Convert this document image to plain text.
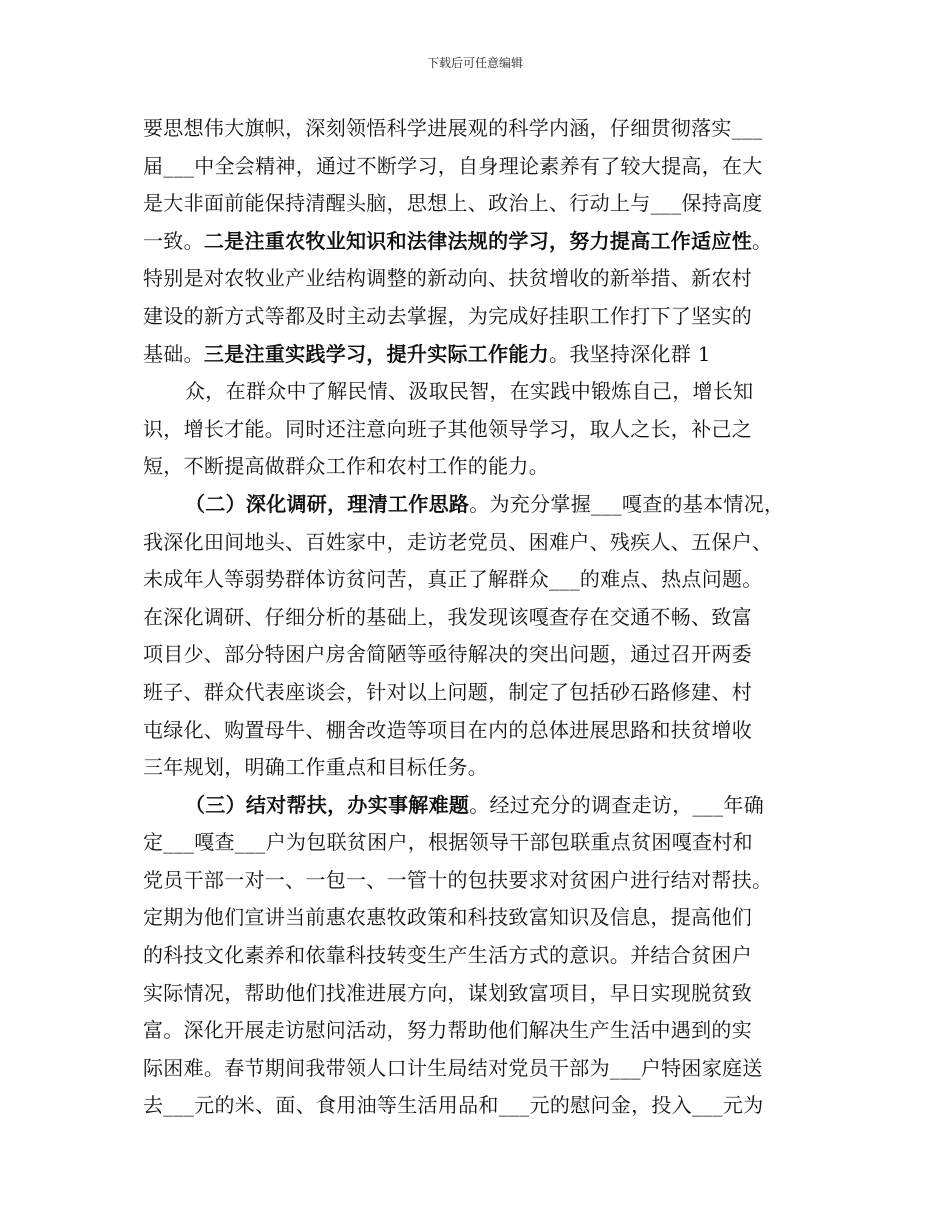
下载后可任意编辑
要思想伟大旗帜，深刻领悟科学进展观的科学内涵，仔细贯彻落实___
届___中全会精神，通过不断学习，自身理论素养有了较大提高，在大
是大非面前能保持清醒头脑，思想上、政治上、行动上与___保持高度
一致。二是注重农牧业知识和法律法规的学习，努力提高工作适应性。
特别是对农牧业产业结构调整的新动向、扶贫增收的新举措、新农村
建设的新方式等都及时主动去掌握，为完成好挂职工作打下了坚实的
基础。三是注重实践学习，提升实际工作能力。我坚持深化群 1
众，在群众中了解民情、汲取民智，在实践中锻炼自己，增长知
识，增长才能。同时还注意向班子其他领导学习，取人之长，补己之
短，不断提高做群众工作和农村工作的能力。
（二）深化调研，理清工作思路。为充分掌握___嘎查的基本情况，
我深化田间地头、百姓家中，走访老党员、困难户、残疾人、五保户、
未成年人等弱势群体访贫问苦，真正了解群众___的难点、热点问题。
在深化调研、仔细分析的基础上，我发现该嘎查存在交通不畅、致富
项目少、部分特困户房舍简陋等亟待解决的突出问题，通过召开两委
班子、群众代表座谈会，针对以上问题，制定了包括砂石路修建、村
屯绿化、购置母牛、棚舍改造等项目在内的总体进展思路和扶贫增收
三年规划，明确工作重点和目标任务。
（三）结对帮扶，办实事解难题。经过充分的调查走访，___年确
定___嘎查___户为包联贫困户，根据领导干部包联重点贫困嘎查村和
党员干部一对一、一包一、一管十的包扶要求对贫困户进行结对帮扶。
定期为他们宣讲当前惠农惠牧政策和科技致富知识及信息，提高他们
的科技文化素养和依靠科技转变生产生活方式的意识。并结合贫困户
实际情况，帮助他们找准进展方向，谋划致富项目，早日实现脱贫致
富。深化开展走访慰问活动，努力帮助他们解决生产生活中遇到的实
际困难。春节期间我带领人口计生局结对党员干部为___户特困家庭送
去___元的米、面、食用油等生活用品和___元的慰问金，投入___元为
